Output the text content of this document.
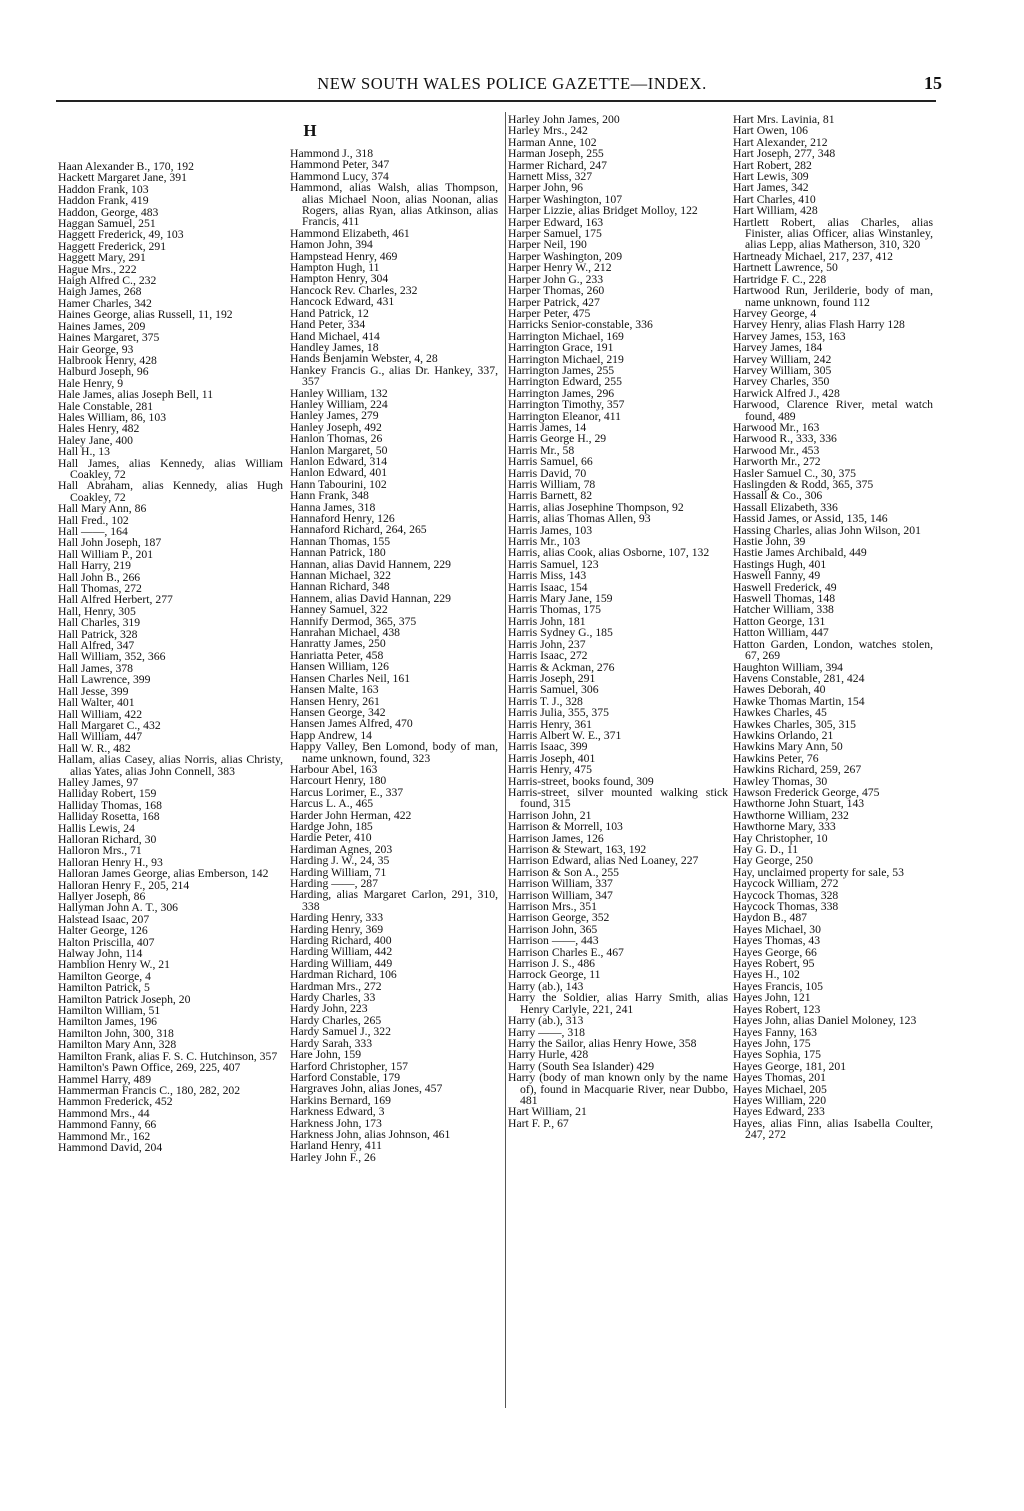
NEW SOUTH WALES POLICE GAZETTE—INDEX.	15

Haan Alexander B., 170, 192

Hackett Margaret Jane, 391

Haddon Frank, 103

Haddon Frank, 419

Haddon, George, 483

Haggan Samuel, 251

Haggett Frederick, 49, 103

Haggett Frederick, 291

Haggett Mary, 291

Hague Mrs., 222

Haigh Alfred C., 232

Haigh James, 268

Hamer Charles, 342

Haines George, alias Russell, 11, 192

Haines James, 209

Haines Margaret, 375

Hair George, 93

Halbrook Henry, 428

Halburd Joseph, 96

Hale Henry, 9

Hale James, alias Joseph Bell, 11

Hale Constable, 281

Hales William, 86, 103

Hales Henry, 482

Haley Jane, 400

Hall H., 13

Hall James, alias Kennedy, alias William Coakley, 72

Hall Abraham, alias Kennedy, alias Hugh Coakley, 72

Hall Mary Ann, 86

Hall Fred., 102

Hall ——, 164

Hall John Joseph, 187

Hall William P., 201

Hall Harry, 219

Hall John B., 266

Hall Thomas, 272

Hall Alfred Herbert, 277

Hall, Henry, 305

Hall Charles, 319

Hall Patrick, 328

Hall Alfred, 347

Hall William, 352, 366

Hall James, 378

Hall Lawrence, 399

Hall Jesse, 399

Hall Walter, 401

Hall William, 422

Hall Margaret C., 432

Hall William, 447

Hall W. R., 482

Hallam, alias Casey, alias Norris, alias Christy, alias Yates, alias John Connell, 383

Halley James, 97

Halliday Robert, 159

Halliday Thomas, 168

Halliday Rosetta, 168

Hallis Lewis, 24

Halloran Richard, 30

Halloron Mrs., 71

Halloran Henry H., 93

Halloran James George, alias Emberson, 142

Halloran Henry F., 205, 214

Hallyer Joseph, 86

Hallyman John A. T., 306

Halstead Isaac, 207

Halter George, 126

Halton Priscilla, 407

Halway John, 114

Hamblion Henry W., 21

Hamilton George, 4

Hamilton Patrick, 5

Hamilton Patrick Joseph, 20

Hamilton William, 51

Hamilton James, 196

Hamilton John, 300, 318

Hamilton Mary Ann, 328

Hamilton Frank, alias F. S. C. Hutchinson, 357

Hamilton's Pawn Office, 269, 225, 407

Hammel Harry, 489

Hammerman Francis C., 180, 282, 202

Hammon Frederick, 452

Hammond Mrs., 44

Hammond Fanny, 66

Hammond Mr., 162

Hammond David, 204

H

Hammond J., 318

Hammond Peter, 347

Hammond Lucy, 374

Hammond, alias Walsh, alias Thompson, alias Michael Noon, alias Noonan, alias Rogers, alias Ryan, alias Atkinson, alias Francis, 411

Hammond Elizabeth, 461

Hamon John, 394

Hampstead Henry, 469

Hampton Hugh, 11

Hampton Henry, 304

Hancock Rev. Charles, 232

Hancock Edward, 431

Hand Patrick, 12

Hand Peter, 334

Hand Michael, 414

Handley James, 18

Hands Benjamin Webster, 4, 28

Hankey Francis G., alias Dr. Hankey, 337, 357

Hanley William, 132

Hanley William, 224

Hanley James, 279

Hanley Joseph, 492

Hanlon Thomas, 26

Hanlon Margaret, 50

Hanlon Edward, 314

Hanlon Edward, 401

Hann Tabourini, 102

Hann Frank, 348

Hanna James, 318

Hannaford Henry, 126

Hannaford Richard, 264, 265

Hannan Thomas, 155

Hannan Patrick, 180

Hannan, alias David Hannem, 229

Hannan Michael, 322

Hannan Richard, 348

Hannem, alias David Hannan, 229

Hanney Samuel, 322

Hannify Dermod, 365, 375

Hanrahan Michael, 438

Hanratty James, 250

Hanriatta Peter, 458

Hansen William, 126

Hansen Charles Neil, 161

Hansen Malte, 163

Hansen Henry, 261

Hansen George, 342

Hansen James Alfred, 470

Happ Andrew, 14

Happy Valley, Ben Lomond, body of man, name unknown, found, 323

Harbour Abel, 163

Harcourt Henry, 180

Harcus Lorimer, E., 337

Harcus L. A., 465

Harder John Herman, 422

Hardge John, 185

Hardie Peter, 410

Hardiman Agnes, 203

Harding J. W., 24, 35

Harding William, 71

Harding ——, 287

Harding, alias Margaret Carlon, 291, 310, 338

Harding Henry, 333

Harding Henry, 369

Harding Richard, 400

Harding William, 442

Harding William, 449

Hardman Richard, 106

Hardman Mrs., 272

Hardy Charles, 33

Hardy John, 223

Hardy Charles, 265

Hardy Samuel J., 322

Hardy Sarah, 333

Hare John, 159

Harford Christopher, 157

Harford Constable, 179

Hargraves John, alias Jones, 457

Harkins Bernard, 169

Harkness Edward, 3

Harkness John, 173

Harkness John, alias Johnson, 461

Harland Henry, 411

Harley John F., 26

Harley John James, 200

Harley Mrs., 242

Harman Anne, 102

Harman Joseph, 255

Harmer Richard, 247

Harnett Miss, 327

Harper John, 96

Harper Washington, 107

Harper Lizzie, alias Bridget Molloy, 122

Harper Edward, 163

Harper Samuel, 175

Harper Neil, 190

Harper Washington, 209

Harper Henry W., 212

Harper John G., 233

Harper Thomas, 260

Harper Patrick, 427

Harper Peter, 475

Harricks Senior-constable, 336

Harrington Michael, 169

Harrington Grace, 191

Harrington Michael, 219

Harrington James, 255

Harrington Edward, 255

Harrington James, 296

Harrington Timothy, 357

Harrington Eleanor, 411

Harris James, 14

Harris George H., 29

Harris Mr., 58

Harris Samuel, 66

Harris David, 70

Harris William, 78

Harris Barnett, 82

Harris, alias Josephine Thompson, 92

Harris, alias Thomas Allen, 93

Harris James, 103

Harris Mr., 103

Harris, alias Cook, alias Osborne, 107, 132

Harris Samuel, 123

Harris Miss, 143

Harris Isaac, 154

Harris Mary Jane, 159

Harris Thomas, 175

Harris John, 181

Harris Sydney G., 185

Harris John, 237

Harris Isaac, 272

Harris & Ackman, 276

Harris Joseph, 291

Harris Samuel, 306

Harris T. J., 328

Harris Julia, 355, 375

Harris Henry, 361

Harris Albert W. E., 371

Harris Isaac, 399

Harris Joseph, 401

Harris Henry, 475

Harris-street, books found, 309

Harris-street, silver mounted walking stick found, 315

Harrison John, 21

Harrison & Morrell, 103

Harrison James, 126

Harrison & Stewart, 163, 192

Harrison Edward, alias Ned Loaney, 227

Harrison & Son A., 255

Harrison William, 337

Harrison William, 347

Harrison Mrs., 351

Harrison George, 352

Harrison John, 365

Harrison ——, 443

Harrison Charles E., 467

Harrison J. S., 486

Harrock George, 11

Harry (ab.), 143

Harry the Soldier, alias Harry Smith, alias Henry Carlyle, 221, 241

Harry (ab.), 313

Harry ——, 318

Harry the Sailor, alias Henry Howe, 358

Harry Hurle, 428

Harry (South Sea Islander) 429

Harry (body of man known only by the name of), found in Macquarie River, near Dubbo, 481

Hart William, 21

Hart F. P., 67

Hart Mrs. Lavinia, 81

Hart Owen, 106

Hart Alexander, 212

Hart Joseph, 277, 348

Hart Robert, 282

Hart Lewis, 309

Hart James, 342

Hart Charles, 410

Hart William, 428

Hartlett Robert, alias Charles, alias Finister, alias Officer, alias Winstanley, alias Lepp, alias Matherson, 310, 320

Hartneady Michael, 217, 237, 412

Hartnett Lawrence, 50

Hartridge F. C., 228

Hartwood Run, Jerilderie, body of man, name unknown, found 112

Harvey George, 4

Harvey Henry, alias Flash Harry 128

Harvey James, 153, 163

Harvey James, 184

Harvey William, 242

Harvey William, 305

Harvey Charles, 350

Harwick Alfred J., 428

Harwood, Clarence River, metal watch found, 489

Harwood Mr., 163

Harwood R., 333, 336

Harwood Mr., 453

Harworth Mr., 272

Hasler Samuel C., 30, 375

Haslingden & Rodd, 365, 375

Hassall & Co., 306

Hassall Elizabeth, 336

Hassid James, or Assid, 135, 146

Hassing Charles, alias John Wilson, 201

Hastie John, 39

Hastie James Archibald, 449

Hastings Hugh, 401

Haswell Fanny, 49

Haswell Frederick, 49

Haswell Thomas, 148

Hatcher William, 338

Hatton George, 131

Hatton William, 447

Hatton Garden, London, watches stolen, 67, 269

Haughton William, 394

Havens Constable, 281, 424

Hawes Deborah, 40

Hawke Thomas Martin, 154

Hawkes Charles, 45

Hawkes Charles, 305, 315

Hawkins Orlando, 21

Hawkins Mary Ann, 50

Hawkins Peter, 76

Hawkins Richard, 259, 267

Hawley Thomas, 30

Hawson Frederick George, 475

Hawthorne John Stuart, 143

Hawthorne William, 232

Hawthorne Mary, 333

Hay Christopher, 10

Hay G. D., 11

Hay George, 250

Hay, unclaimed property for sale, 53

Haycock William, 272

Haycock Thomas, 328

Haycock Thomas, 338

Haydon B., 487

Hayes Michael, 30

Hayes Thomas, 43

Hayes George, 66

Hayes Robert, 95

Hayes H., 102

Hayes Francis, 105

Hayes John, 121

Hayes Robert, 123

Hayes John, alias Daniel Moloney, 123

Hayes Fanny, 163

Hayes John, 175

Hayes Sophia, 175

Hayes George, 181, 201

Hayes Thomas, 201

Hayes Michael, 205

Hayes William, 220

Hayes Edward, 233

Hayes, alias Finn, alias Isabella Coulter, 247, 272
